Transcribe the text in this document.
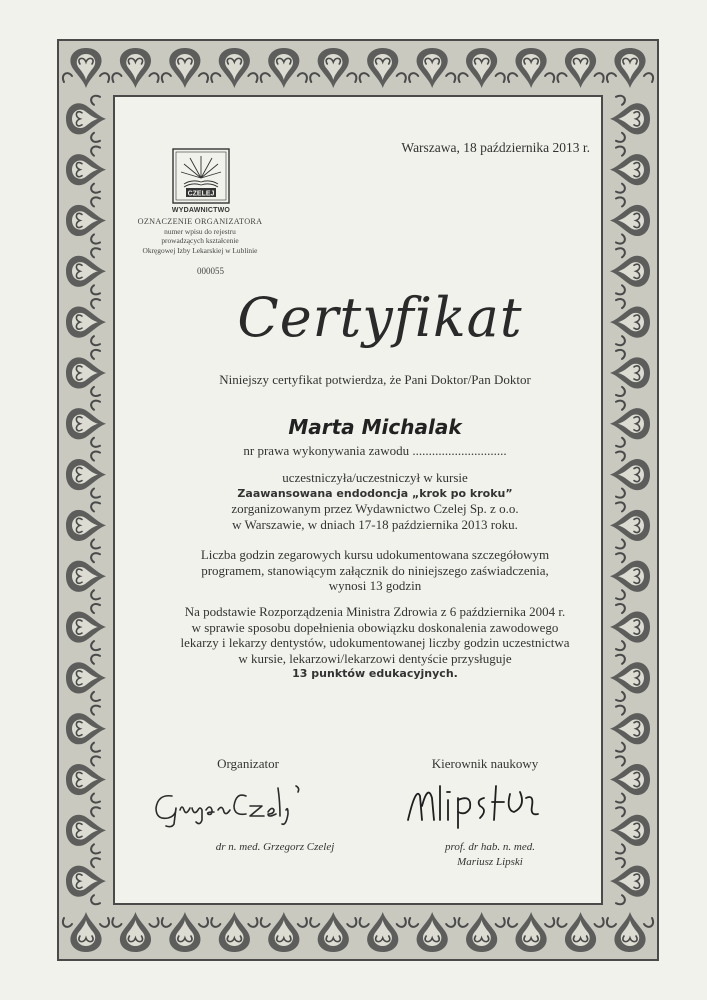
Warszawa, 18 października 2013 r.
CZELEJ
WYDAWNICTWO
OZNACZENIE ORGANIZATORA
numer wpisu do rejestru
prowadzących kształcenie
Okręgowej Izby Lekarskiej w Lublinie
000055
Certyfikat
Niniejszy certyfikat potwierdza, że Pani Doktor/Pan Doktor
Marta Michalak
nr prawa wykonywania zawodu .............................
uczestniczyła/uczestniczył w kursie
Zaawansowana endodoncja „krok po kroku”
zorganizowanym przez Wydawnictwo Czelej Sp. z o.o.
w Warszawie, w dniach 17-18 października 2013 roku.
Liczba godzin zegarowych kursu udokumentowana szczegółowym
programem, stanowiącym załącznik do niniejszego zaświadczenia,
wynosi 13 godzin
Na podstawie Rozporządzenia Ministra Zdrowia z 6 października 2004 r.
w sprawie sposobu dopełnienia obowiązku doskonalenia zawodowego
lekarzy i lekarzy dentystów, udokumentowanej liczby godzin uczestnictwa
w kursie, lekarzowi/lekarzowi dentyście przysługuje
13 punktów edukacyjnych.
Organizator	Kierownik naukowy
dr n. med. Grzegorz Czelej	prof. dr hab. n. med.
Mariusz Lipski
